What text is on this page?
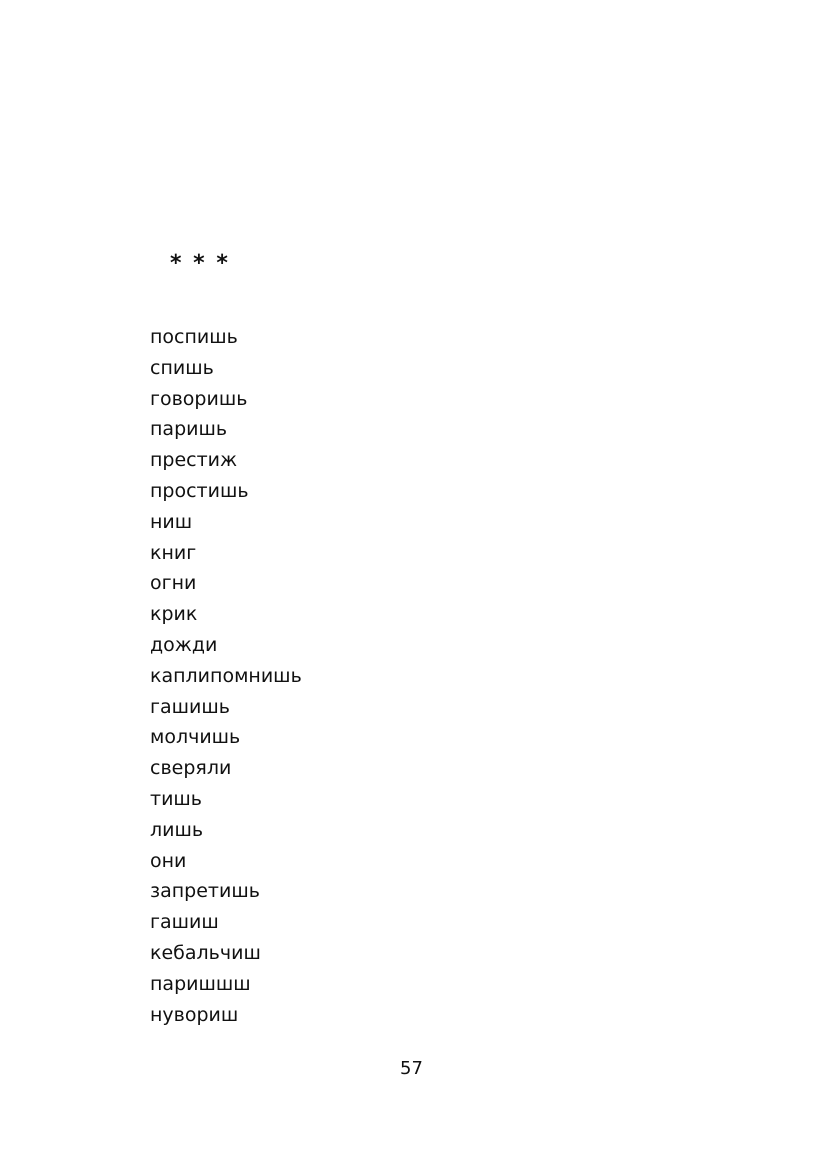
* * *
поспишь
спишь
говоришь
паришь
престиж
простишь
ниш
книг
огни
крик
дожди
каплипомнишь
гашишь
молчишь
сверяли
тишь
лишь
они
запретишь
гашиш
кебальчиш
паришшш
нувориш
57
